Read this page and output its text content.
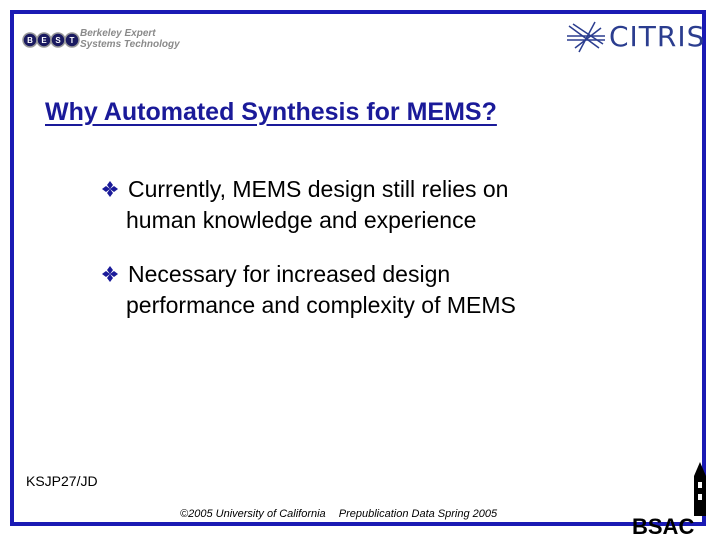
B E S T
Berkeley Expert
Systems Technology	CITRIS
Why Automated Synthesis for MEMS?
Currently, MEMS design still relies on
human knowledge and experience
Necessary for increased design
performance and complexity of MEMS
KSJP27/JD
©2005 University of California Prepublication Data Spring 2005	BSAC
